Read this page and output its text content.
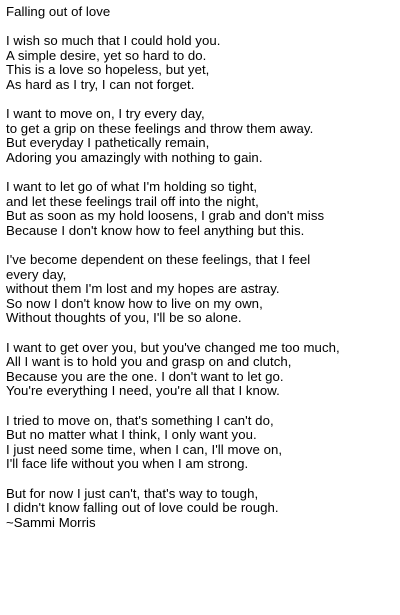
Falling out of love
I wish so much that I could hold you.
A simple desire, yet so hard to do.
This is a love so hopeless, but yet,
As hard as I try, I can not forget.
I want to move on, I try every day,
to get a grip on these feelings and throw them away.
But everyday I pathetically remain,
Adoring you amazingly with nothing to gain.
I want to let go of what I'm holding so tight,
and let these feelings trail off into the night,
But as soon as my hold loosens, I grab and don't miss
Because I don't know how to feel anything but this.
I've become dependent on these feelings, that I feel
every day,
without them I'm lost and my hopes are astray.
So now I don't know how to live on my own,
Without thoughts of you, I'll be so alone.
I want to get over you, but you've changed me too much,
All I want is to hold you and grasp on and clutch,
Because you are the one. I don't want to let go.
You're everything I need, you're all that I know.
I tried to move on, that's something I can't do,
But no matter what I think, I only want you.
I just need some time, when I can, I'll move on,
I'll face life without you when I am strong.
But for now I just can't, that's way to tough,
I didn't know falling out of love could be rough.
~Sammi Morris
